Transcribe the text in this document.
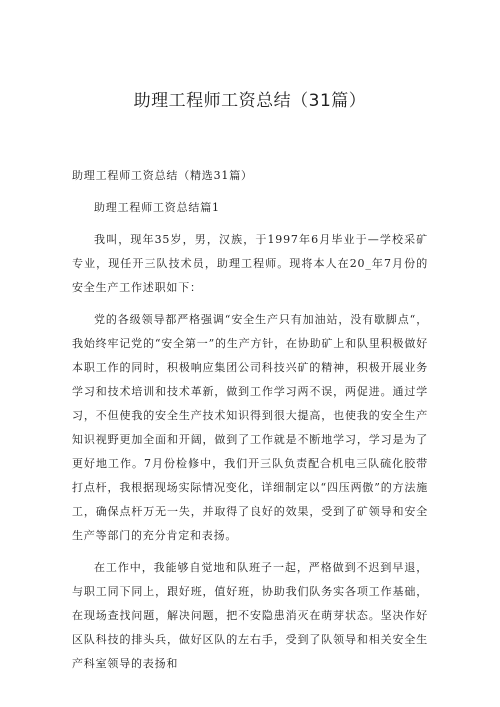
助理工程师工资总结（31篇）

助理工程师工资总结（精选31篇）

助理工程师工资总结篇1

我叫，现年35岁，男，汉族，于1997年6月毕业于—学校采矿专业，现任开三队技术员，助理工程师。现将本人在20_年7月份的安全生产工作述职如下：

党的各级领导都严格强调“安全生产只有加油站，没有歇脚点“，我始终牢记党的“安全第一”的生产方针，在协助矿上和队里积极做好本职工作的同时，积极响应集团公司科技兴矿的精神，积极开展业务学习和技术培训和技术革新，做到工作学习两不误，两促进。通过学习，不但使我的安全生产技术知识得到很大提高，也使我的安全生产知识视野更加全面和开阔，做到了工作就是不断地学习，学习是为了更好地工作。7月份检修中，我们开三队负责配合机电三队硫化胶带打点杆，我根据现场实际情况变化，详细制定以“四压两傲”的方法施工，确保点杆万无一失，并取得了良好的效果，受到了矿领导和安全生产等部门的充分肯定和表扬。

在工作中，我能够自觉地和队班子一起，严格做到不迟到早退，与职工同下同上，跟好班，值好班，协助我们队务实各项工作基础，在现场查找问题，解决问题，把不安隐患消灭在萌芽状态。坚决作好区队科技的排头兵，做好区队的左右手，受到了队领导和相关安全生产科室领导的表扬和
